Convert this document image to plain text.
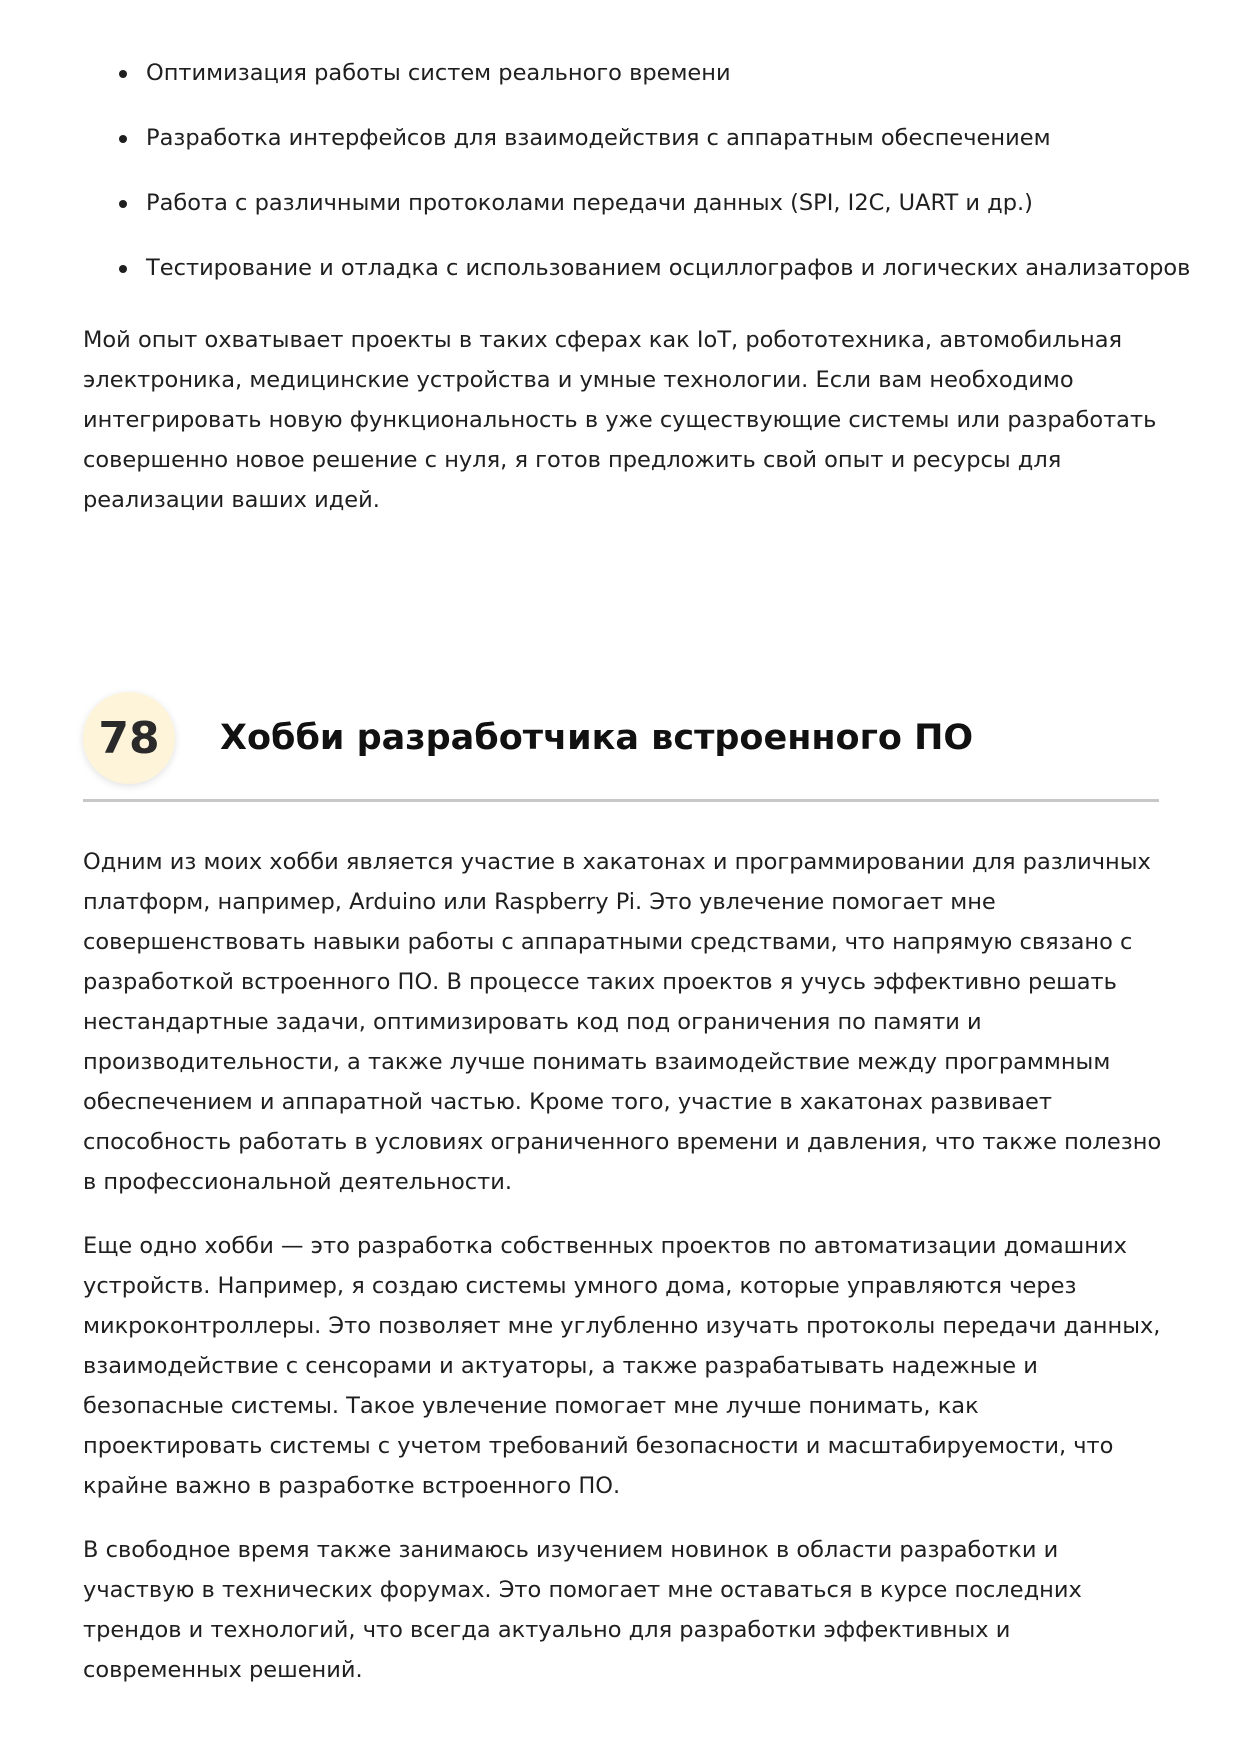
Оптимизация работы систем реального времени
Разработка интерфейсов для взаимодействия с аппаратным обеспечением
Работа с различными протоколами передачи данных (SPI, I2C, UART и др.)
Тестирование и отладка с использованием осциллографов и логических анализаторов

Мой опыт охватывает проекты в таких сферах как IoT, робототехника, автомобильная электроника, медицинские устройства и умные технологии. Если вам необходимо интегрировать новую функциональность в уже существующие системы или разработать совершенно новое решение с нуля, я готов предложить свой опыт и ресурсы для реализации ваших идей.

78	Хобби разработчика встроенного ПО

Одним из моих хобби является участие в хакатонах и программировании для различных платформ, например, Arduino или Raspberry Pi. Это увлечение помогает мне совершенствовать навыки работы с аппаратными средствами, что напрямую связано с разработкой встроенного ПО. В процессе таких проектов я учусь эффективно решать нестандартные задачи, оптимизировать код под ограничения по памяти и производительности, а также лучше понимать взаимодействие между программным обеспечением и аппаратной частью. Кроме того, участие в хакатонах развивает способность работать в условиях ограниченного времени и давления, что также полезно в профессиональной деятельности.

Еще одно хобби — это разработка собственных проектов по автоматизации домашних устройств. Например, я создаю системы умного дома, которые управляются через микроконтроллеры. Это позволяет мне углубленно изучать протоколы передачи данных, взаимодействие с сенсорами и актуаторы, а также разрабатывать надежные и безопасные системы. Такое увлечение помогает мне лучше понимать, как проектировать системы с учетом требований безопасности и масштабируемости, что крайне важно в разработке встроенного ПО.

В свободное время также занимаюсь изучением новинок в области разработки и участвую в технических форумах. Это помогает мне оставаться в курсе последних трендов и технологий, что всегда актуально для разработки эффективных и современных решений.
